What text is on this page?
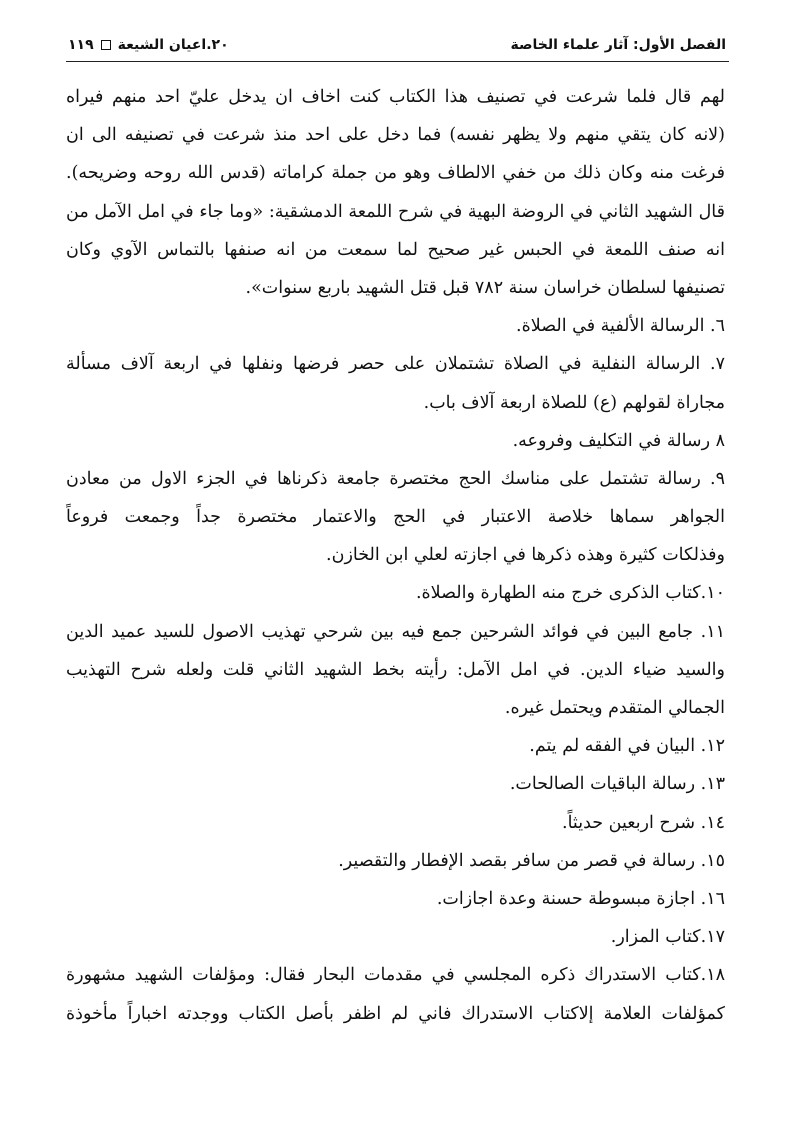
الفصل الأول: آثار علماء الخاصة
٢٠.اعيان الشيعة
١١٩
لهم قال فلما شرعت في تصنيف هذا الكتاب كنت اخاف ان يدخل عليّ احد منهم فيراه
(لانه كان يتقي منهم ولا يظهر نفسه) فما دخل على احد منذ شرعت في تصنيفه الى ان
فرغت منه وكان ذلك من خفي الالطاف وهو من جملة كراماته (قدس الله روحه وضريحه).
قال الشهيد الثاني في الروضة البهية في شرح اللمعة الدمشقية: «وما جاء في امل الآمل من
انه صنف اللمعة في الحبس غير صحيح لما سمعت من انه صنفها بالتماس الآوي وكان
تصنيفها لسلطان خراسان سنة ٧٨٢ قبل قتل الشهيد باربع سنوات».
٦. الرسالة الألفية في الصلاة.
٧. الرسالة النفلية في الصلاة تشتملان على حصر فرضها ونفلها في اربعة آلاف مسألة
مجاراة لقولهم (ع) للصلاة اربعة آلاف باب.
٨ رسالة في التكليف وفروعه.
٩. رسالة تشتمل على مناسك الحج مختصرة جامعة ذكرناها في الجزء الاول من معادن
الجواهر سماها خلاصة الاعتبار في الحج والاعتمار مختصرة جداً وجمعت فروعاً
وفذلكات كثيرة وهذه ذكرها في اجازته لعلي ابن الخازن.
١٠.كتاب الذكرى خرج منه الطهارة والصلاة.
١١. جامع البين في فوائد الشرحين جمع فيه بين شرحي تهذيب الاصول للسيد عميد الدين
والسيد ضياء الدين. في امل الآمل: رأيته بخط الشهيد الثاني قلت ولعله شرح التهذيب
الجمالي المتقدم ويحتمل غيره.
١٢. البيان في الفقه لم يتم.
١٣. رسالة الباقيات الصالحات.
١٤. شرح اربعين حديثاً.
١٥. رسالة في قصر من سافر بقصد الإفطار والتقصير.
١٦. اجازة مبسوطة حسنة وعدة اجازات.
١٧.كتاب المزار.
١٨.كتاب الاستدراك ذكره المجلسي في مقدمات البحار فقال: ومؤلفات الشهيد مشهورة
كمؤلفات العلامة إلاكتاب الاستدراك فاني لم اظفر بأصل الكتاب ووجدته اخباراً مأخوذة
